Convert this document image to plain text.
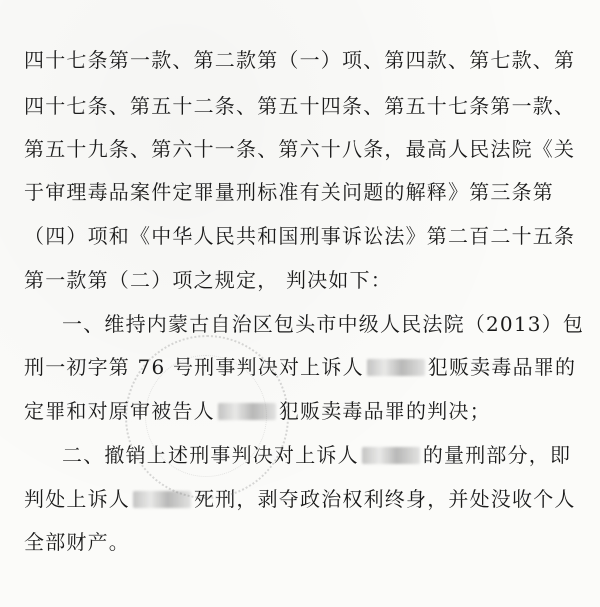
四十七条第一款、第二款第（一）项、第四款、第七款、第
四十七条、第五十二条、第五十四条、第五十七条第一款、
第五十九条、第六十一条、第六十八条，最高人民法院《关
于审理毒品案件定罪量刑标准有关问题的解释》第三条第
（四）项和《中华人民共和国刑事诉讼法》第二百二十五条
第一款第（二）项之规定， 判决如下：
一、维持内蒙古自治区包头市中级人民法院（2013）包
刑一初字第 76 号刑事判决对上诉人	犯贩卖毒品罪的
定罪和对原审被告人	犯贩卖毒品罪的判决；
二、撤销上述刑事判决对上诉人	的量刑部分，即
判处上诉人	死刑，剥夺政治权利终身，并处没收个人
全部财产。
